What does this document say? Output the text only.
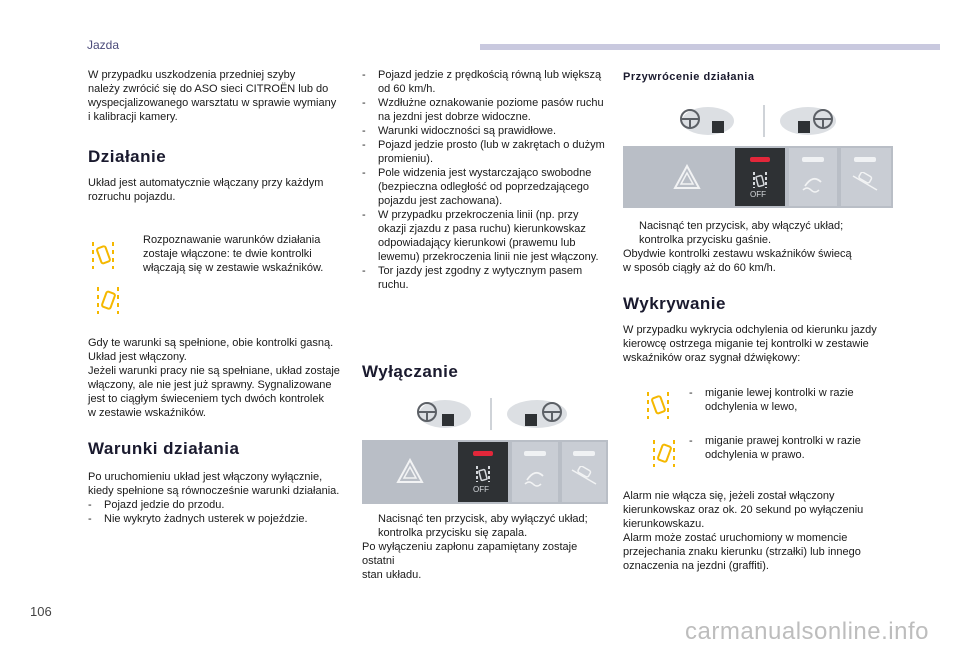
Jazda

W przypadku uszkodzenia przedniej szyby
należy zwrócić się do ASO sieci CITROËN lub do
wyspecjalizowanego warsztatu w sprawie wymiany
i kalibracji kamery.

Działanie

Układ jest automatycznie włączany przy każdym
rozruchu pojazdu.

Rozpoznawanie warunków działania
zostaje włączone: te dwie kontrolki
włączają się w zestawie wskaźników.

Gdy te warunki są spełnione, obie kontrolki gasną.
Układ jest włączony.
Jeżeli warunki pracy nie są spełniane, układ zostaje
włączony, ale nie jest już sprawny. Sygnalizowane
jest to ciągłym świeceniem tych dwóch kontrolek
w zestawie wskaźników.

Warunki działania

Po uruchomieniu układ jest włączony wyłącznie,
kiedy spełnione są równocześnie warunki działania.

-	Pojazd jedzie do przodu.
-	Nie wykryto żadnych usterek w pojeździe.
-	Pojazd jedzie z prędkością równą lub większą
od 60 km/h.
-	Wzdłużne oznakowanie poziome pasów ruchu
na jezdni jest dobrze widoczne.
-	Warunki widoczności są prawidłowe.
-	Pojazd jedzie prosto (lub w zakrętach o dużym
promieniu).
-	Pole widzenia jest wystarczająco swobodne
(bezpieczna odległość od poprzedzającego
pojazdu jest zachowana).
-	W przypadku przekroczenia linii (np. przy
okazji zjazdu z pasa ruchu) kierunkowskaz
odpowiadający kierunkowi (prawemu lub
lewemu) przekroczenia linii nie jest włączony.
-	Tor jazdy jest zgodny z wytycznym pasem
ruchu.
Wyłączanie
OFF
Nacisnąć ten przycisk, aby wyłączyć układ;
kontrolka przycisku się zapala.

Po wyłączeniu zapłonu zapamiętany zostaje ostatni
stan układu.

Przywrócenie działania
OFF
Nacisnąć ten przycisk, aby włączyć układ;
kontrolka przycisku gaśnie.

Obydwie kontrolki zestawu wskaźników świecą
w sposób ciągły aż do 60 km/h.

Wykrywanie

W przypadku wykrycia odchylenia od kierunku jazdy
kierowcę ostrzega miganie tej kontrolki w zestawie
wskaźników oraz sygnał dźwiękowy:

-	miganie lewej kontrolki w razie
odchylenia w lewo,
-	miganie prawej kontrolki w razie
odchylenia w prawo.

Alarm nie włącza się, jeżeli został włączony
kierunkowskaz oraz ok. 20 sekund po wyłączeniu
kierunkowskazu.
Alarm może zostać uruchomiony w momencie
przejechania znaku kierunku (strzałki) lub innego
oznaczenia na jezdni (graffiti).

106
carmanualsonline.info
